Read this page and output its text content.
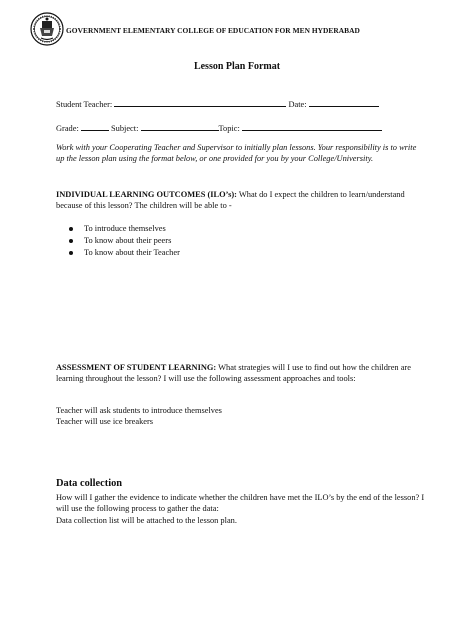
GOVERNMENT ELEMENTARY COLLEGE OF EDUCATION FOR MEN HYDERABAD
Lesson Plan Format
Student Teacher:	Date:
Grade:	Subject:	Topic:
Work with your Cooperating Teacher and Supervisor to initially plan lessons. Your responsibility is to write up the lesson plan using the format below, or one provided for you by your College/University.
INDIVIDUAL LEARNING OUTCOMES (ILO’s): What do I expect the children to learn/understand because of this lesson? The children will be able to -
To introduce themselves
To know about their peers
To know about their Teacher
ASSESSMENT OF STUDENT LEARNING: What strategies will I use to find out how the children are learning throughout the lesson? I will use the following assessment approaches and tools:
Teacher will ask students to introduce themselves
Teacher will use ice breakers
Data collection
How will I gather the evidence to indicate whether the children have met the ILO’s by the end of the lesson? I will use the following process to gather the data:
Data collection list will be attached to the lesson plan.
